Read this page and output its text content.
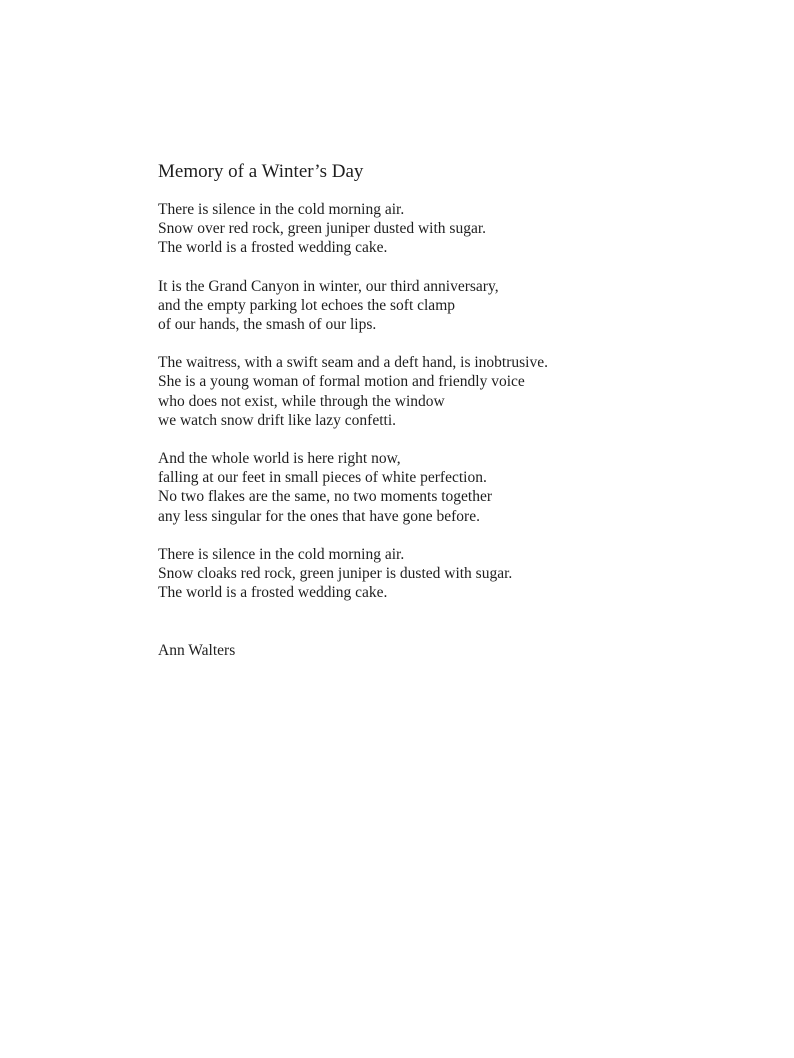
Memory of a Winter’s Day
There is silence in the cold morning air.
Snow over red rock, green juniper dusted with sugar.
The world is a frosted wedding cake.
It is the Grand Canyon in winter, our third anniversary,
and the empty parking lot echoes the soft clamp
of our hands, the smash of our lips.
The waitress, with a swift seam and a deft hand, is inobtrusive.
She is a young woman of formal motion and friendly voice
who does not exist, while through the window
we watch snow drift like lazy confetti.
And the whole world is here right now,
falling at our feet in small pieces of white perfection.
No two flakes are the same, no two moments together
any less singular for the ones that have gone before.
There is silence in the cold morning air.
Snow cloaks red rock, green juniper is dusted with sugar.
The world is a frosted wedding cake.
Ann Walters
